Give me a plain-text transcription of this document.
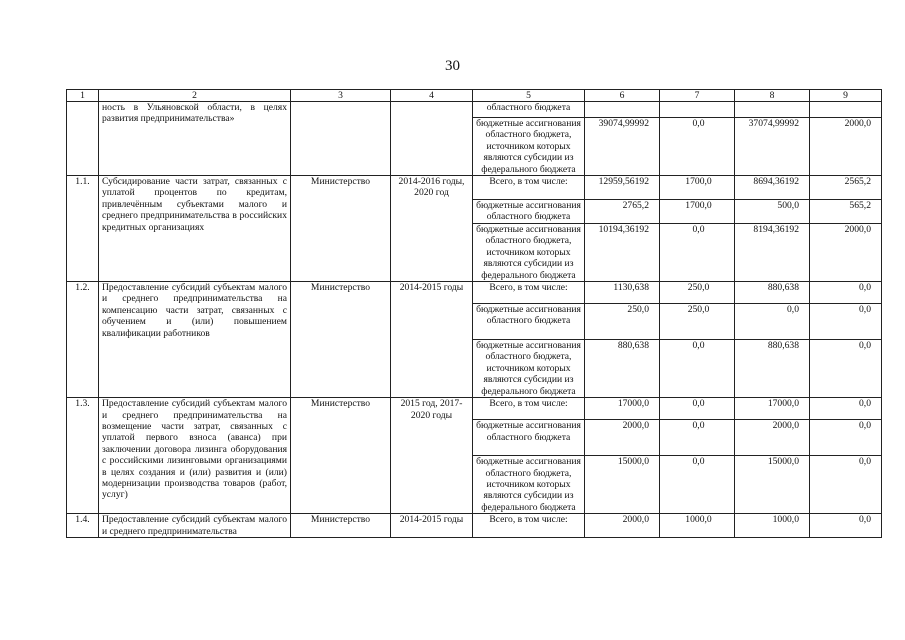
30
1	2	3	4	5	6	7	8	9
	ность в Ульяновской области, в целях развития предпринимательства»			областного бюджета				
				бюджетные ассигнования областного бюджета, источником которых являются субсидии из федерального бюджета	39074,99992	0,0	37074,99992	2000,0
1.1.	Субсидирование части затрат, связанных с уплатой процентов по кредитам, привлечённым субъектами малого и среднего предпринимательства в российских кредитных организациях	Министерство	2014-2016 годы, 2020 год	Всего, в том числе:	12959,56192	1700,0	8694,36192	2565,2
				бюджетные ассигнования областного бюджета	2765,2	1700,0	500,0	565,2
				бюджетные ассигнования областного бюджета, источником которых являются субсидии из федерального бюджета	10194,36192	0,0	8194,36192	2000,0
1.2.	Предоставление субсидий субъектам малого и среднего предпринимательства на компенсацию части затрат, связанных с обучением и (или) повышением квалификации работников	Министерство	2014-2015 годы	Всего, в том числе:	1130,638	250,0	880,638	0,0
				бюджетные ассигнования областного бюджета	250,0	250,0	0,0	0,0
				бюджетные ассигнования областного бюджета, источником которых являются субсидии из федерального бюджета	880,638	0,0	880,638	0,0
1.3.	Предоставление субсидий субъектам малого и среднего предпринимательства на возмещение части затрат, связанных с уплатой первого взноса (аванса) при заключении договора лизинга оборудования с российскими лизинговыми организациями в целях создания и (или) развития и (или) модернизации производства товаров (работ, услуг)	Министерство	2015 год, 2017-2020 годы	Всего, в том числе:	17000,0	0,0	17000,0	0,0
				бюджетные ассигнования областного бюджета	2000,0	0,0	2000,0	0,0
				бюджетные ассигнования областного бюджета, источником которых являются субсидии из федерального бюджета	15000,0	0,0	15000,0	0,0
1.4.	Предоставление субсидий субъектам малого и среднего предпринимательства	Министерство	2014-2015 годы	Всего, в том числе:	2000,0	1000,0	1000,0	0,0
